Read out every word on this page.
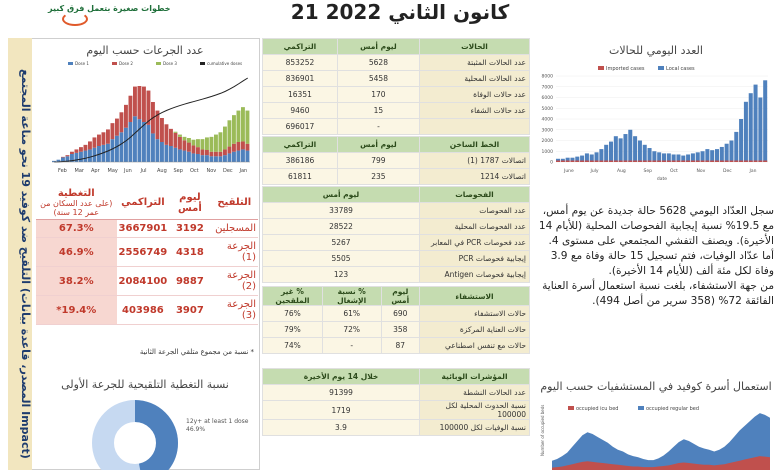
خطوات صغيرة بتعمل فرق كبير	21 كانون الثاني 2022
التلقيح ضد كوفيد 19 نحو مناعة المجتمع (المصدر، قاعدة بيانات Impact)
عدد الجرعات حسب اليوم
Dose 1	Dose 2	Dose 3	cumulative doses
Feb Mar Apr May Jun Jul Aug Sep Oct Nov Dec Jan
التلقيح	ليوم أمس	التراكمي	التغطية
(على عدد السكان من عمر 12 سنة)

المسجلين	3192	3667901	67.3%
الجرعة (1)	4318	2556749	46.9%
الجرعة (2)	9887	2084100	38.2%
الجرعة (3)	3907	403986	19.4%*
* نسبة من مجموع متلقي الجرعة الثانية
نسبة التغطية التلقيحية للجرعة الأولى
12y+ at least 1 dose
46.9%
الحالات	ليوم أمس	التراكمي
عدد الحالات المثبتة	5628	853252
عدد الحالات المحلية	5458	836901
عدد حالات الوفاة	170	16351
عدد حالات الشفاء	15	9460
	-	696017
الخط الساخن	ليوم أمس	التراكمي
اتصالات 1787 (1)	799	386186
اتصالات 1214	235	61811
الفحوصات	ليوم أمس
عدد الفحوصات	33789
عدد الفحوصات المحلية	28522
عدد فحوصات PCR في المعابر	5267
إيجابية فحوصات PCR	5505
إيجابية فحوصات Antigen	123
الاستشفاء	ليوم أمس	% نسبة الإشغال	% غير الملقحين
حالات الاستشفاء	690	61%	76%
حالات العناية المركزة	358	72%	79%
حالات مع تنفس اصطناعي	87	-	74%
المؤشرات الوبائية	خلال 14 يوم الأخيرة
عدد الحالات النشطة	91399
نسبة الحدوث المحلية لكل 100000	1719
نسبة الوفيات لكل 100000	3.9
العدد اليومي للحالات
Imported cases	Local cases
8000
7000
6000
5000
4000
3000
2000
1000
0
June	July	Aug	Sep	Oct	Nov	Dec	Jan
date

سجل العدّاد اليومي 5628 حالة جديدة عن يوم أمس، مع 19.5% نسبة إيجابية الفحوصات المحلية (للأيام 14 الأخيرة). ويصنف التفشي المجتمعي على مستوى 4.

أما عدّاد الوفيات، فتم تسجيل 15 حالة وفاة مع 3.9 وفاة لكل مئة ألف (للأيام 14 الأخيرة).

من جهة الاستشفاء، بلغت نسبة استعمال أسرة العناية الفائقة 72% (358 سرير من أصل 494).

استعمال أسرة كوفيد في المستشفيات حسب اليوم
occupied icu bed	occupied regular bed
Number of occupied beds
